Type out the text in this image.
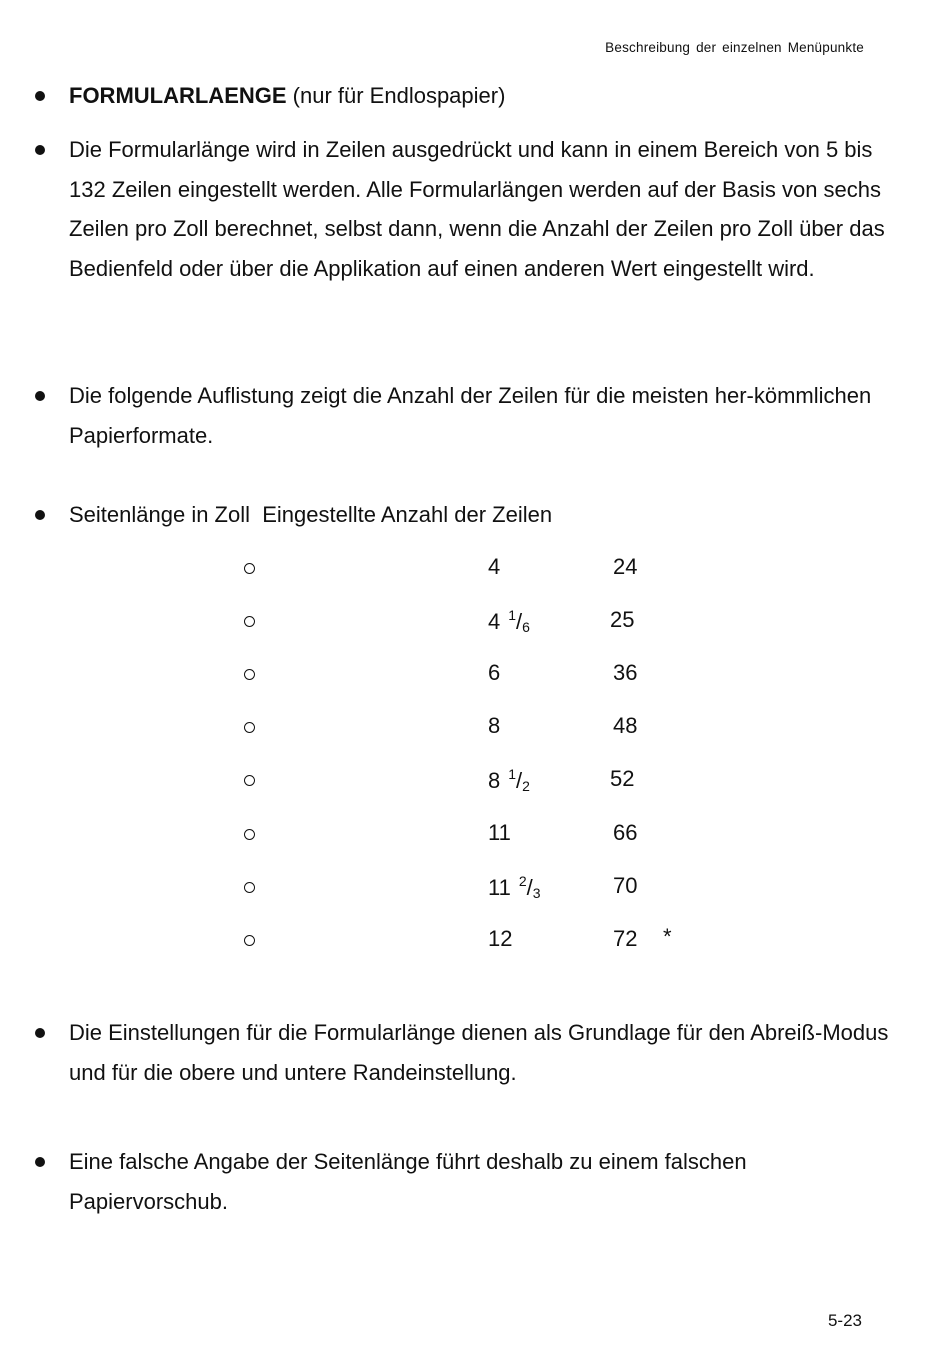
Beschreibung der einzelnen Menüpunkte

FORMULARLAENGE (nur für Endlospapier)

Die Formularlänge wird in Zeilen ausgedrückt und kann in einem Bereich von 5 bis 132 Zeilen eingestellt werden. Alle Formularlängen werden auf der Basis von sechs Zeilen pro Zoll berechnet, selbst dann, wenn die Anzahl der Zeilen pro Zoll über das Bedienfeld oder über die Applikation auf einen anderen Wert eingestellt wird.

Die folgende Auflistung zeigt die Anzahl der Zeilen für die meisten her-kömmlichen Papierformate.

Seitenlänge in Zoll  Eingestellte Anzahl der Zeilen

4	24
4 $^1$/6	25
6	36
8	48
8 $^1$/2	52
11	66
11 $^2$/3	70
12	72 *

Die Einstellungen für die Formularlänge dienen als Grundlage für den Abreiß-Modus und für die obere und untere Randeinstellung.

Eine falsche Angabe der Seitenlänge führt deshalb zu einem falschen Papiervorschub.

5-23
